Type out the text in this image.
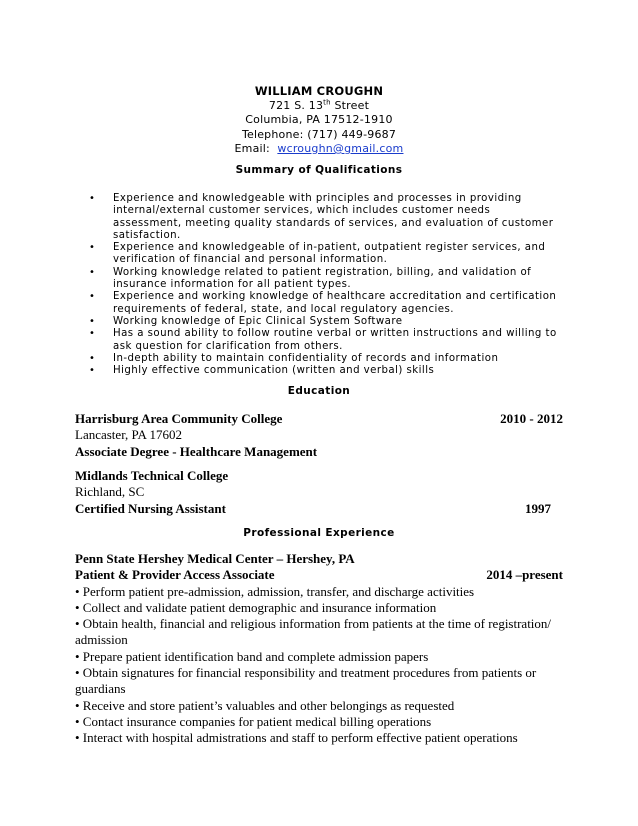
WILLIAM CROUGHN
721 S. 13th Street
Columbia, PA 17512-1910
Telephone: (717) 449-9687
Email: wcroughn@gmail.com
Summary of Qualifications
• Experience and knowledgeable with principles and processes in providing internal/external customer services, which includes customer needs assessment, meeting quality standards of services, and evaluation of customer satisfaction.
• Experience and knowledgeable of in-patient, outpatient register services, and verification of financial and personal information.
• Working knowledge related to patient registration, billing, and validation of insurance information for all patient types.
• Experience and working knowledge of healthcare accreditation and certification requirements of federal, state, and local regulatory agencies.
• Working knowledge of Epic Clinical System Software
• Has a sound ability to follow routine verbal or written instructions and willing to ask question for clarification from others.
• In-depth ability to maintain confidentiality of records and information
• Highly effective communication (written and verbal) skills
Education
Harrisburg Area Community College	2010 - 2012
Lancaster, PA 17602
Associate Degree - Healthcare Management
Midlands Technical College
Richland, SC
Certified Nursing Assistant	1997
Professional Experience
Penn State Hershey Medical Center – Hershey, PA
Patient & Provider Access Associate	2014 –present
• Perform patient pre-admission, admission, transfer, and discharge activities
• Collect and validate patient demographic and insurance information
• Obtain health, financial and religious information from patients at the time of registration/
admission
• Prepare patient identification band and complete admission papers
• Obtain signatures for financial responsibility and treatment procedures from patients or
guardians
• Receive and store patient’s valuables and other belongings as requested
• Contact insurance companies for patient medical billing operations
• Interact with hospital admistrations and staff to perform effective patient operations
